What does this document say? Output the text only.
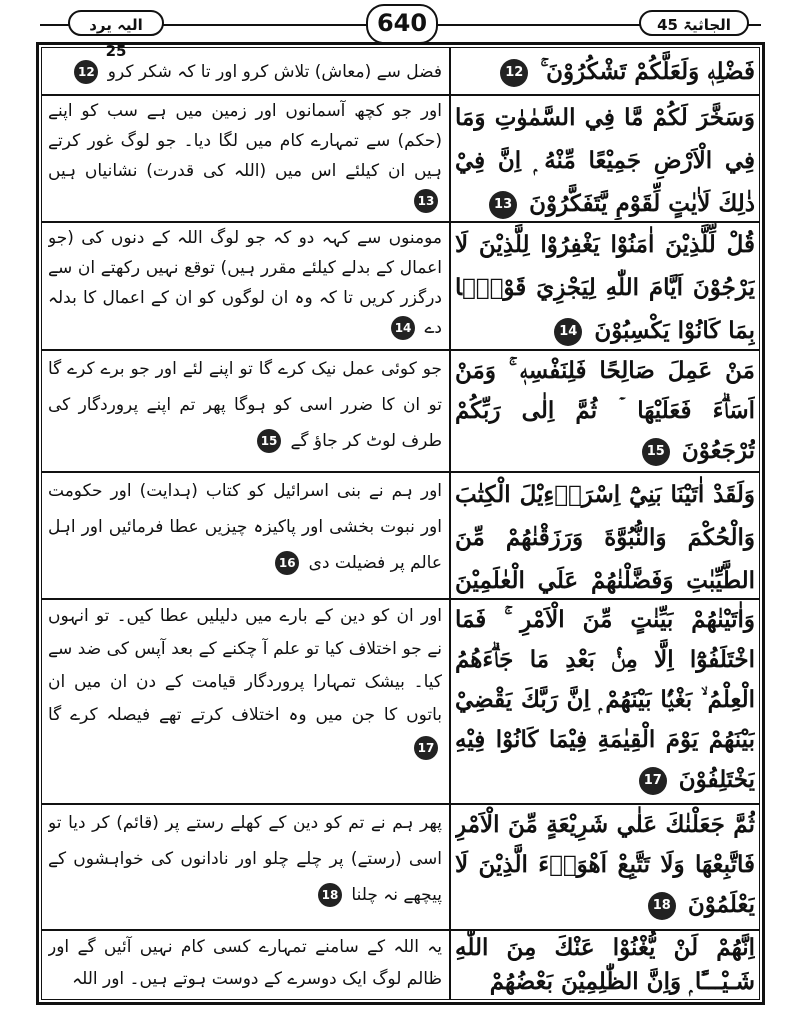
الیہ یرد 25
640	الجاثیۃ 45
فَضْلِهٖ وَلَعَلَّكُمْ تَشْكُرُوْنَ ۚ 12
فضل سے (معاش) تلاش کرو اور تا کہ شکر کرو 12
وَسَخَّرَ لَكُمْ مَّا فِي السَّمٰوٰتِ وَمَا فِي الْاَرْضِ جَمِيْعًا مِّنْهُ ۭ اِنَّ فِيْ ذٰلِكَ لَاٰيٰتٍ لِّقَوْمٍ يَّتَفَكَّرُوْنَ 13
اور جو کچھ آسمانوں اور زمین میں ہے سب کو اپنے (حکم) سے تمہارے کام میں لگا دیا۔ جو لوگ غور کرتے ہیں ان کیلئے اس میں (اللہ کی قدرت) نشانیاں ہیں 13
قُلْ لِّلَّذِيْنَ اٰمَنُوْا يَغْفِرُوْا لِلَّذِيْنَ لَا يَرْجُوْنَ اَيَّامَ اللّٰهِ لِيَجْزِيَ قَوْمًۢا بِمَا كَانُوْا يَكْسِبُوْنَ 14
مومنوں سے کہہ دو کہ جو لوگ اللہ کے دنوں کی (جو اعمال کے بدلے کیلئے مقرر ہیں) توقع نہیں رکھتے ان سے درگزر کریں تا کہ وہ ان لوگوں کو ان کے اعمال کا بدلہ دے 14
مَنْ عَمِلَ صَالِحًا فَلِنَفْسِهٖ ۚ وَمَنْ اَسَاۗءَ فَعَلَيْهَا ۡ ثُمَّ اِلٰى رَبِّكُمْ تُرْجَعُوْنَ 15
جو کوئی عمل نیک کرے گا تو اپنے لئے اور جو برے کرے گا تو ان کا ضرر اسی کو ہوگا پھر تم اپنے پروردگار کی طرف لوٹ کر جاؤ گے 15
وَلَقَدْ اٰتَيْنَا بَنِيْٓ اِسْرَاۗءِيْلَ الْكِتٰبَ وَالْحُكْمَ وَالنُّبُوَّةَ وَرَزَقْنٰهُمْ مِّنَ الطَّيِّبٰتِ وَفَضَّلْنٰهُمْ عَلَي الْعٰلَمِيْنَ
اور ہم نے بنی اسرائیل کو کتاب (ہدایت) اور حکومت اور نبوت بخشی اور پاکیزہ چیزیں عطا فرمائیں اور اہل عالم پر فضیلت دی 16
وَاٰتَيْنٰهُمْ بَيِّنٰتٍ مِّنَ الْاَمْرِ ۚ فَمَا اخْتَلَفُوْٓا اِلَّا مِنْۢ بَعْدِ مَا جَاۗءَهُمُ الْعِلْمُ ۙ بَغْيًۢا بَيْنَهُمْ ۭ اِنَّ رَبَّكَ يَقْضِيْ بَيْنَهُمْ يَوْمَ الْقِيٰمَةِ فِيْمَا كَانُوْا فِيْهِ يَخْتَلِفُوْنَ 17
اور ان کو دین کے بارے میں دلیلیں عطا کیں۔ تو انہوں نے جو اختلاف کیا تو علم آ چکنے کے بعد آپس کی ضد سے کیا۔ بیشک تمہارا پروردگار قیامت کے دن ان میں ان باتوں کا جن میں وہ اختلاف کرتے تھے فیصلہ کرے گا 17
ثُمَّ جَعَلْنٰكَ عَلٰي شَرِيْعَةٍ مِّنَ الْاَمْرِ فَاتَّبِعْهَا وَلَا تَتَّبِعْ اَهْوَاۗءَ الَّذِيْنَ لَا يَعْلَمُوْنَ 18
پھر ہم نے تم کو دین کے کھلے رستے پر (قائم) کر دیا تو اسی (رستے) پر چلے چلو اور نادانوں کی خواہشوں کے پیچھے نہ چلنا 18
اِنَّهُمْ لَنْ يُّغْنُوْا عَنْكَ مِنَ اللّٰهِ شَـيْـــًٔا ۭ وَاِنَّ الظّٰلِمِيْنَ بَعْضُهُمْ
یہ اللہ کے سامنے تمہارے کسی کام نہیں آئیں گے اور ظالم لوگ ایک دوسرے کے دوست ہوتے ہیں۔ اور اللہ
